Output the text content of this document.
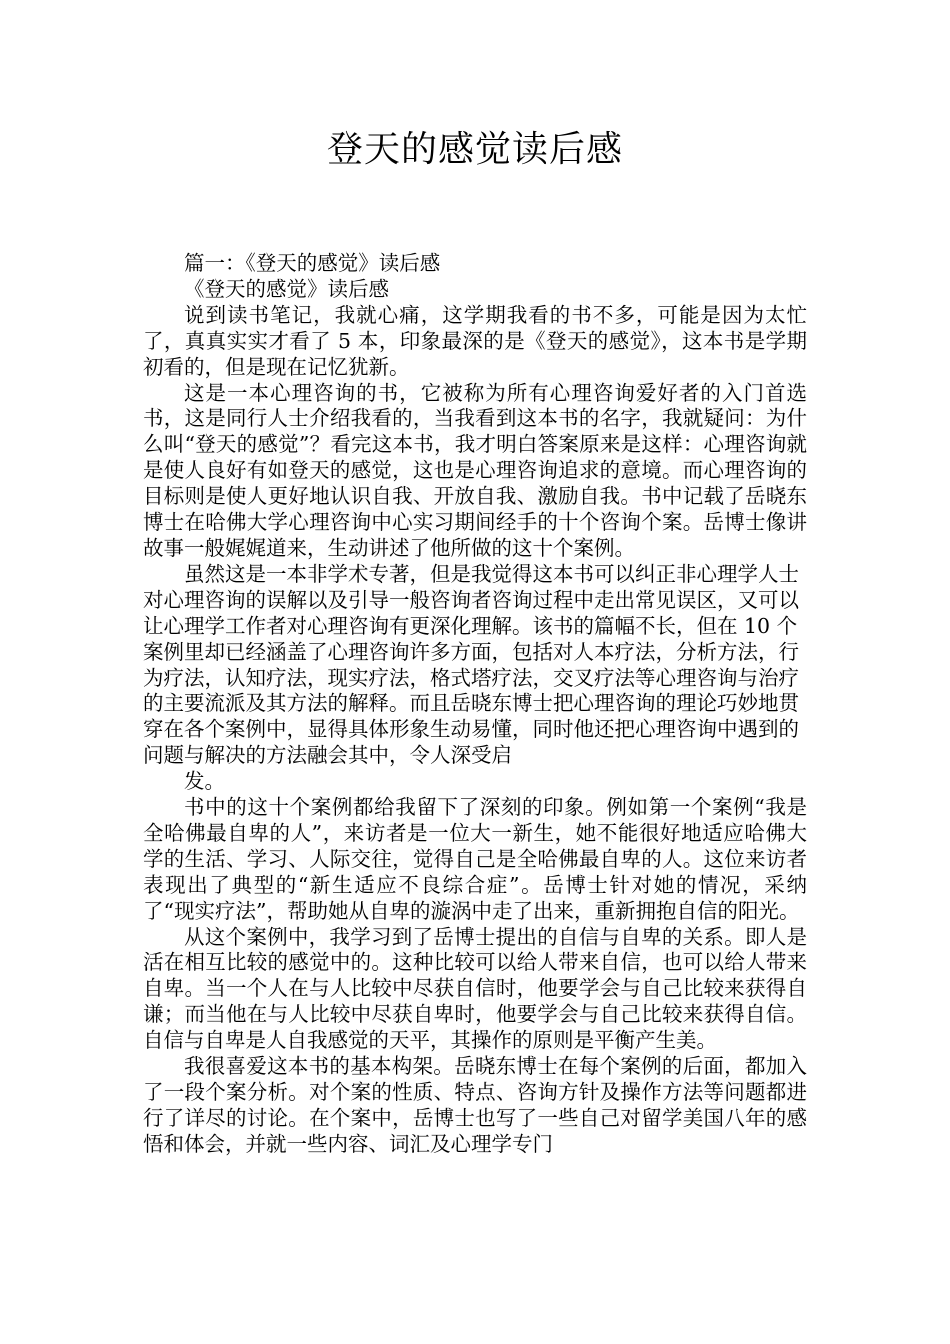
登天的感觉读后感

篇一：《登天的感觉》读后感

《登天的感觉》读后感

说到读书笔记，我就心痛，这学期我看的书不多，可能是因为太忙了，真真实实才看了 5 本，印象最深的是《登天的感觉》，这本书是学期初看的，但是现在记忆犹新。

这是一本心理咨询的书，它被称为所有心理咨询爱好者的入门首选书，这是同行人士介绍我看的，当我看到这本书的名字，我就疑问：为什么叫“登天的感觉”？看完这本书，我才明白答案原来是这样：心理咨询就是使人良好有如登天的感觉，这也是心理咨询追求的意境。而心理咨询的目标则是使人更好地认识自我、开放自我、激励自我。书中记载了岳晓东博士在哈佛大学心理咨询中心实习期间经手的十个咨询个案。岳博士像讲故事一般娓娓道来，生动讲述了他所做的这十个案例。

虽然这是一本非学术专著，但是我觉得这本书可以纠正非心理学人士对心理咨询的误解以及引导一般咨询者咨询过程中走出常见误区，又可以让心理学工作者对心理咨询有更深化理解。该书的篇幅不长，但在 10 个案例里却已经涵盖了心理咨询许多方面，包括对人本疗法，分析方法，行为疗法，认知疗法，现实疗法，格式塔疗法，交叉疗法等心理咨询与治疗的主要流派及其方法的解释。而且岳晓东博士把心理咨询的理论巧妙地贯穿在各个案例中，显得具体形象生动易懂，同时他还把心理咨询中遇到的问题与解决的方法融会其中，令人深受启

发。

书中的这十个案例都给我留下了深刻的印象。例如第一个案例“我是全哈佛最自卑的人”，来访者是一位大一新生，她不能很好地适应哈佛大学的生活、学习、人际交往，觉得自己是全哈佛最自卑的人。这位来访者表现出了典型的“新生适应不良综合症”。岳博士针对她的情况，采纳了“现实疗法”，帮助她从自卑的漩涡中走了出来，重新拥抱自信的阳光。

从这个案例中，我学习到了岳博士提出的自信与自卑的关系。即人是活在相互比较的感觉中的。这种比较可以给人带来自信，也可以给人带来自卑。当一个人在与人比较中尽获自信时，他要学会与自己比较来获得自谦；而当他在与人比较中尽获自卑时，他要学会与自己比较来获得自信。自信与自卑是人自我感觉的天平，其操作的原则是平衡产生美。

我很喜爱这本书的基本构架。岳晓东博士在每个案例的后面，都加入了一段个案分析。对个案的性质、特点、咨询方针及操作方法等问题都进行了详尽的讨论。在个案中，岳博士也写了一些自己对留学美国八年的感悟和体会，并就一些内容、词汇及心理学专门
